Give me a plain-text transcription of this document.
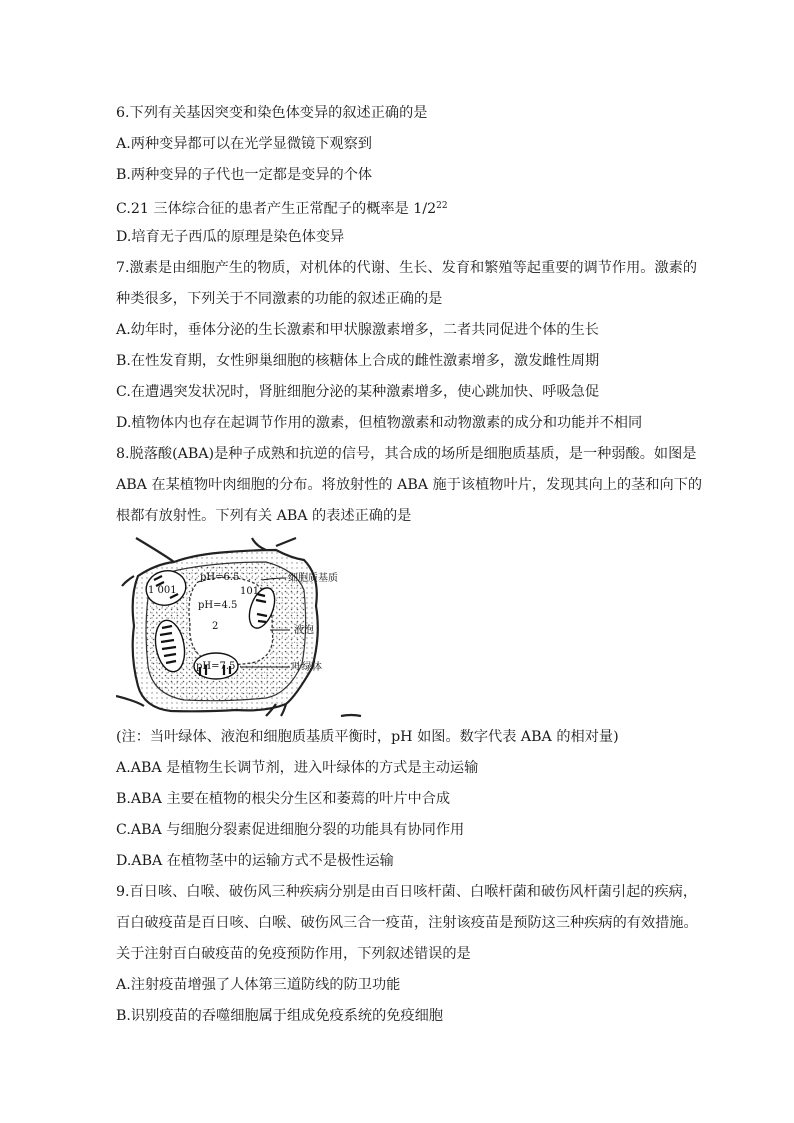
6.下列有关基因突变和染色体变异的叙述正确的是
A.两种变异都可以在光学显微镜下观察到
B.两种变异的子代也一定都是变异的个体
C.21 三体综合征的患者产生正常配子的概率是 $1/2^{22}$
D.培育无子西瓜的原理是染色体变异
7.激素是由细胞产生的物质，对机体的代谢、生长、发育和繁殖等起重要的调节作用。激素的
种类很多，下列关于不同激素的功能的叙述正确的是
A.幼年时，垂体分泌的生长激素和甲状腺激素增多，二者共同促进个体的生长
B.在性发育期，女性卵巢细胞的核糖体上合成的雌性激素增多，激发雌性周期
C.在遭遇突发状况时，肾脏细胞分泌的某种激素增多，使心跳加快、呼吸急促
D.植物体内也存在起调节作用的激素，但植物激素和动物激素的成分和功能并不相同
8.脱落酸(ABA)是种子成熟和抗逆的信号，其合成的场所是细胞质基质，是一种弱酸。如图是
ABA 在某植物叶肉细胞的分布。将放射性的 ABA 施于该植物叶片，发现其向上的茎和向下的
根都有放射性。下列有关 ABA 的表述正确的是
pH=6.5
1 001	101
pH=4.5
2
pH=7.5
细胞质基质
液泡
叶绿体
(注：当叶绿体、液泡和细胞质基质平衡时，pH 如图。数字代表 ABA 的相对量)
A.ABA 是植物生长调节剂，进入叶绿体的方式是主动运输
B.ABA 主要在植物的根尖分生区和萎蔫的叶片中合成
C.ABA 与细胞分裂素促进细胞分裂的功能具有协同作用
D.ABA 在植物茎中的运输方式不是极性运输
9.百日咳、白喉、破伤风三种疾病分别是由百日咳杆菌、白喉杆菌和破伤风杆菌引起的疾病，
百白破疫苗是百日咳、白喉、破伤风三合一疫苗，注射该疫苗是预防这三种疾病的有效措施。
关于注射百白破疫苗的免疫预防作用，下列叙述错误的是
A.注射疫苗增强了人体第三道防线的防卫功能
B.识别疫苗的吞噬细胞属于组成免疫系统的免疫细胞
